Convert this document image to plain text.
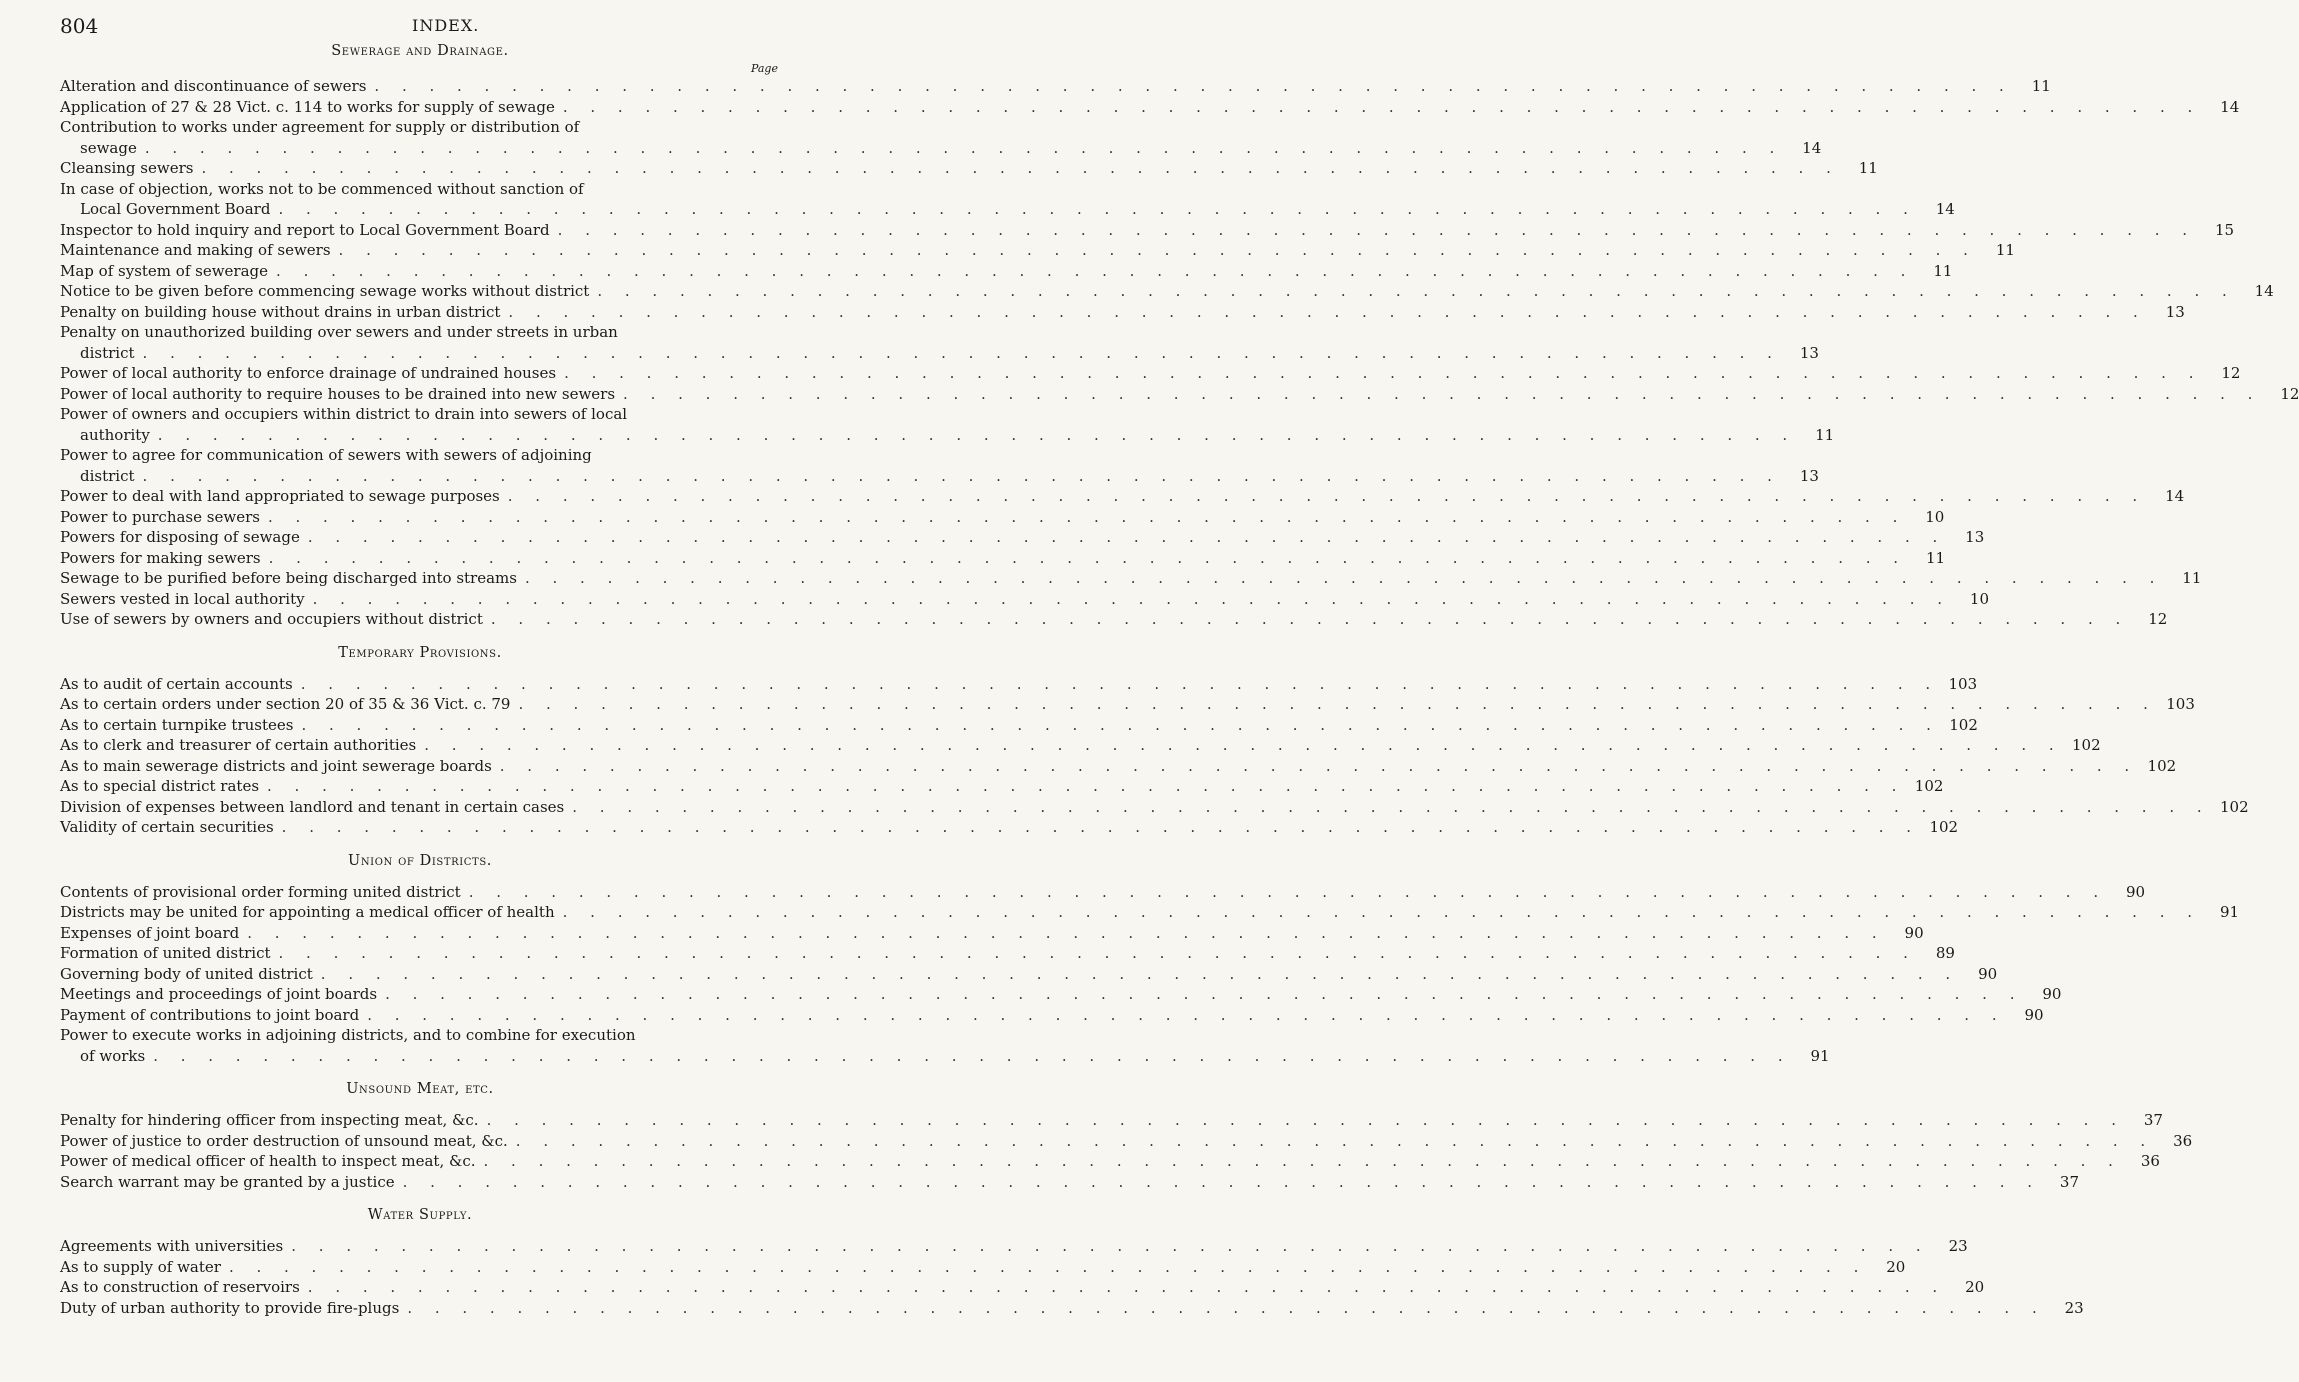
804	INDEX.
Sewerage and Drainage.
Page
Alteration and discontinuance of sewers . . . . . . . . . . . . . . . . . . . . . . . . . . . . . . . . . . . . . . . . . . . . . . . . . . . . . . . . . . . .	11
Application of 27 & 28 Vict. c. 114 to works for supply of sewage . . . . . . . . . . . . . . . . . . . . . . . . . . . . . . . . . . . . . . . . . . . . . . . . . . . . . . . . . . . .	14
Contribution to works under agreement for supply or distribution of
sewage . . . . . . . . . . . . . . . . . . . . . . . . . . . . . . . . . . . . . . . . . . . . . . . . . . . . . . . . . . . .	14
Cleansing sewers . . . . . . . . . . . . . . . . . . . . . . . . . . . . . . . . . . . . . . . . . . . . . . . . . . . . . . . . . . . .	11
In case of objection, works not to be commenced without sanction of
Local Government Board . . . . . . . . . . . . . . . . . . . . . . . . . . . . . . . . . . . . . . . . . . . . . . . . . . . . . . . . . . . .	14
Inspector to hold inquiry and report to Local Government Board . . . . . . . . . . . . . . . . . . . . . . . . . . . . . . . . . . . . . . . . . . . . . . . . . . . . . . . . . . . .	15
Maintenance and making of sewers . . . . . . . . . . . . . . . . . . . . . . . . . . . . . . . . . . . . . . . . . . . . . . . . . . . . . . . . . . . .	11
Map of system of sewerage . . . . . . . . . . . . . . . . . . . . . . . . . . . . . . . . . . . . . . . . . . . . . . . . . . . . . . . . . . . .	11
Notice to be given before commencing sewage works without district . . . . . . . . . . . . . . . . . . . . . . . . . . . . . . . . . . . . . . . . . . . . . . . . . . . . . . . . . . . .	14
Penalty on building house without drains in urban district . . . . . . . . . . . . . . . . . . . . . . . . . . . . . . . . . . . . . . . . . . . . . . . . . . . . . . . . . . . .	13
Penalty on unauthorized building over sewers and under streets in urban
district . . . . . . . . . . . . . . . . . . . . . . . . . . . . . . . . . . . . . . . . . . . . . . . . . . . . . . . . . . . .	13
Power of local authority to enforce drainage of undrained houses . . . . . . . . . . . . . . . . . . . . . . . . . . . . . . . . . . . . . . . . . . . . . . . . . . . . . . . . . . . .	12
Power of local authority to require houses to be drained into new sewers . . . . . . . . . . . . . . . . . . . . . . . . . . . . . . . . . . . . . . . . . . . . . . . . . . . . . . . . . . . .	12
Power of owners and occupiers within district to drain into sewers of local
authority . . . . . . . . . . . . . . . . . . . . . . . . . . . . . . . . . . . . . . . . . . . . . . . . . . . . . . . . . . . .	11
Power to agree for communication of sewers with sewers of adjoining
district . . . . . . . . . . . . . . . . . . . . . . . . . . . . . . . . . . . . . . . . . . . . . . . . . . . . . . . . . . . .	13
Power to deal with land appropriated to sewage purposes . . . . . . . . . . . . . . . . . . . . . . . . . . . . . . . . . . . . . . . . . . . . . . . . . . . . . . . . . . . .	14
Power to purchase sewers . . . . . . . . . . . . . . . . . . . . . . . . . . . . . . . . . . . . . . . . . . . . . . . . . . . . . . . . . . . .	10
Powers for disposing of sewage . . . . . . . . . . . . . . . . . . . . . . . . . . . . . . . . . . . . . . . . . . . . . . . . . . . . . . . . . . . .	13
Powers for making sewers . . . . . . . . . . . . . . . . . . . . . . . . . . . . . . . . . . . . . . . . . . . . . . . . . . . . . . . . . . . .	11
Sewage to be purified before being discharged into streams . . . . . . . . . . . . . . . . . . . . . . . . . . . . . . . . . . . . . . . . . . . . . . . . . . . . . . . . . . . .	11
Sewers vested in local authority . . . . . . . . . . . . . . . . . . . . . . . . . . . . . . . . . . . . . . . . . . . . . . . . . . . . . . . . . . . .	10
Use of sewers by owners and occupiers without district . . . . . . . . . . . . . . . . . . . . . . . . . . . . . . . . . . . . . . . . . . . . . . . . . . . . . . . . . . . .	12
Temporary Provisions.
As to audit of certain accounts . . . . . . . . . . . . . . . . . . . . . . . . . . . . . . . . . . . . . . . . . . . . . . . . . . . . . . . . . . . . 103
As to certain orders under section 20 of 35 & 36 Vict. c. 79 . . . . . . . . . . . . . . . . . . . . . . . . . . . . . . . . . . . . . . . . . . . . . . . . . . . . . . . . . . . . 103
As to certain turnpike trustees . . . . . . . . . . . . . . . . . . . . . . . . . . . . . . . . . . . . . . . . . . . . . . . . . . . . . . . . . . . . 102
As to clerk and treasurer of certain authorities . . . . . . . . . . . . . . . . . . . . . . . . . . . . . . . . . . . . . . . . . . . . . . . . . . . . . . . . . . . . 102
As to main sewerage districts and joint sewerage boards . . . . . . . . . . . . . . . . . . . . . . . . . . . . . . . . . . . . . . . . . . . . . . . . . . . . . . . . . . . . 102
As to special district rates . . . . . . . . . . . . . . . . . . . . . . . . . . . . . . . . . . . . . . . . . . . . . . . . . . . . . . . . . . . . 102
Division of expenses between landlord and tenant in certain cases . . . . . . . . . . . . . . . . . . . . . . . . . . . . . . . . . . . . . . . . . . . . . . . . . . . . . . . . . . . . 102
Validity of certain securities . . . . . . . . . . . . . . . . . . . . . . . . . . . . . . . . . . . . . . . . . . . . . . . . . . . . . . . . . . . . 102
Union of Districts.
Contents of provisional order forming united district . . . . . . . . . . . . . . . . . . . . . . . . . . . . . . . . . . . . . . . . . . . . . . . . . . . . . . . . . . . .	90
Districts may be united for appointing a medical officer of health . . . . . . . . . . . . . . . . . . . . . . . . . . . . . . . . . . . . . . . . . . . . . . . . . . . . . . . . . . . .	91
Expenses of joint board . . . . . . . . . . . . . . . . . . . . . . . . . . . . . . . . . . . . . . . . . . . . . . . . . . . . . . . . . . . .	90
Formation of united district . . . . . . . . . . . . . . . . . . . . . . . . . . . . . . . . . . . . . . . . . . . . . . . . . . . . . . . . . . . .	89
Governing body of united district . . . . . . . . . . . . . . . . . . . . . . . . . . . . . . . . . . . . . . . . . . . . . . . . . . . . . . . . . . . .	90
Meetings and proceedings of joint boards . . . . . . . . . . . . . . . . . . . . . . . . . . . . . . . . . . . . . . . . . . . . . . . . . . . . . . . . . . . .	90
Payment of contributions to joint board . . . . . . . . . . . . . . . . . . . . . . . . . . . . . . . . . . . . . . . . . . . . . . . . . . . . . . . . . . . .	90
Power to execute works in adjoining districts, and to combine for execution
of works . . . . . . . . . . . . . . . . . . . . . . . . . . . . . . . . . . . . . . . . . . . . . . . . . . . . . . . . . . . .	91
Unsound Meat, etc.
Penalty for hindering officer from inspecting meat, &c. . . . . . . . . . . . . . . . . . . . . . . . . . . . . . . . . . . . . . . . . . . . . . . . . . . . . . . . . . . . .	37
Power of justice to order destruction of unsound meat, &c. . . . . . . . . . . . . . . . . . . . . . . . . . . . . . . . . . . . . . . . . . . . . . . . . . . . . . . . . . . . .	36
Power of medical officer of health to inspect meat, &c. . . . . . . . . . . . . . . . . . . . . . . . . . . . . . . . . . . . . . . . . . . . . . . . . . . . . . . . . . . . .	36
Search warrant may be granted by a justice . . . . . . . . . . . . . . . . . . . . . . . . . . . . . . . . . . . . . . . . . . . . . . . . . . . . . . . . . . . .	37
Water Supply.
Agreements with universities . . . . . . . . . . . . . . . . . . . . . . . . . . . . . . . . . . . . . . . . . . . . . . . . . . . . . . . . . . . .	23
As to supply of water . . . . . . . . . . . . . . . . . . . . . . . . . . . . . . . . . . . . . . . . . . . . . . . . . . . . . . . . . . . .	20
As to construction of reservoirs . . . . . . . . . . . . . . . . . . . . . . . . . . . . . . . . . . . . . . . . . . . . . . . . . . . . . . . . . . . .	20
Duty of urban authority to provide fire-plugs . . . . . . . . . . . . . . . . . . . . . . . . . . . . . . . . . . . . . . . . . . . . . . . . . . . . . . . . . . . .	23
